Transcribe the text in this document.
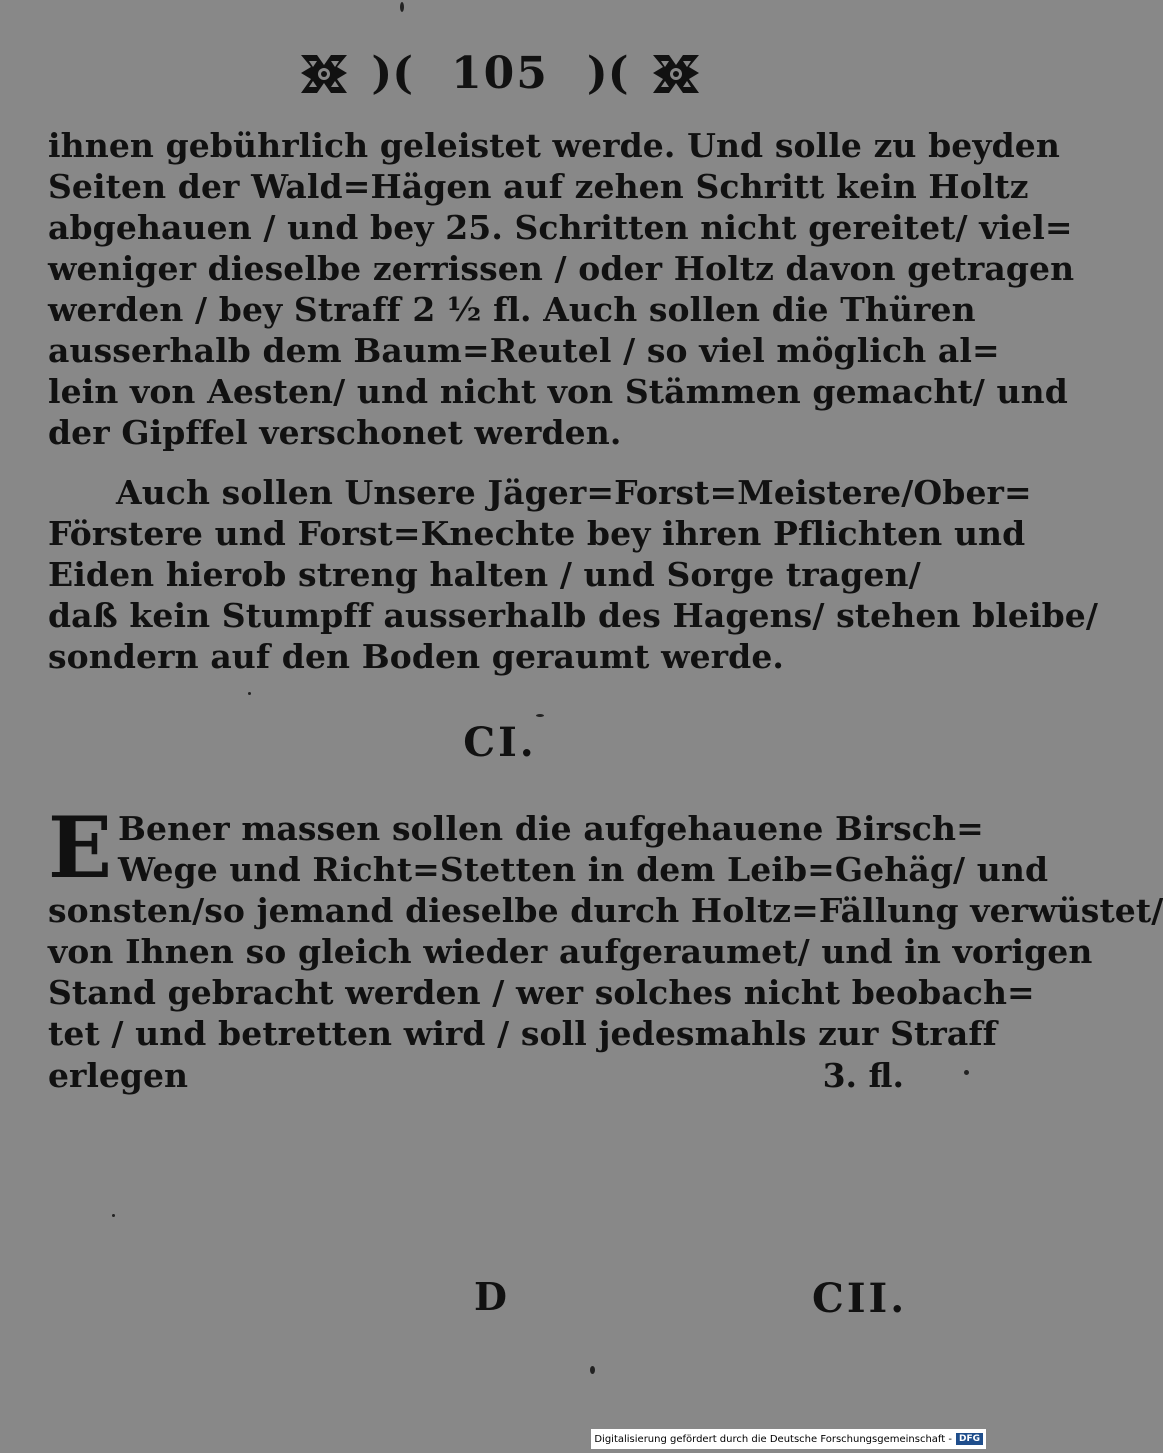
)( 105 )(
ihnen gebührlich geleistet werde. Und solle zu beyden
Seiten der Wald=Hägen auf zehen Schritt kein Holtz
abgehauen / und bey 25. Schritten nicht gereitet/ viel=
weniger dieselbe zerrissen / oder Holtz davon getragen
werden / bey Straff 2 ½ fl. Auch sollen die Thüren
ausserhalb dem Baum=Reutel / so viel möglich al=
lein von Aesten/ und nicht von Stämmen gemacht/ und
der Gipffel verschonet werden.
Auch sollen Unsere Jäger=Forst=Meistere/Ober=
Förstere und Forst=Knechte bey ihren Pflichten und
Eiden hierob streng halten / und Sorge tragen/
daß kein Stumpff ausserhalb des Hagens/ stehen bleibe/
sondern auf den Boden geraumt werde.
CI.
E Bener massen sollen die aufgehauene Birsch=
Wege und Richt=Stetten in dem Leib=Gehäg/ und
sonsten/so jemand dieselbe durch Holtz=Fällung verwüstet/
von Ihnen so gleich wieder aufgeraumet/ und in vorigen
Stand gebracht werden / wer solches nicht beobach=
tet / und betretten wird / soll jedesmahls zur Straff
erlegen	3. fl.
D	CII.
Digitalisierung gefördert durch die Deutsche Forschungsgemeinschaft - DFG
